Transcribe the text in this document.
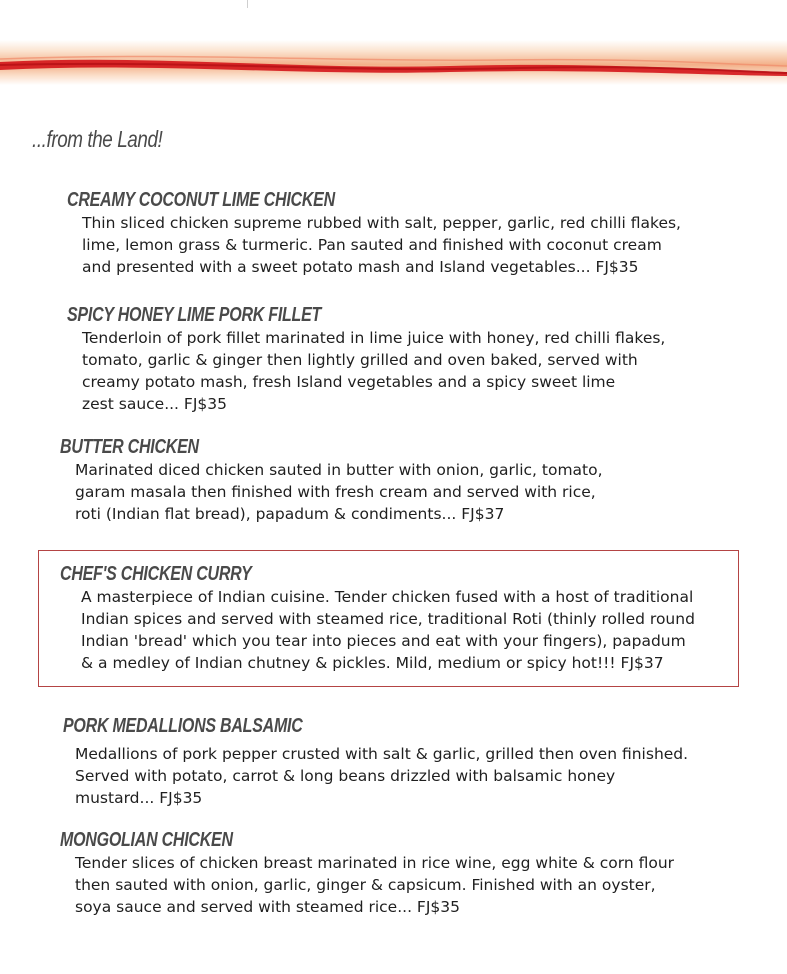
...from the Land!
CREAMY COCONUT LIME CHICKEN

Thin sliced chicken supreme rubbed with salt, pepper, garlic, red chilli flakes,

lime, lemon grass & turmeric. Pan sauted and finished with coconut cream

and presented with a sweet potato mash and Island vegetables... FJ$35

SPICY HONEY LIME PORK FILLET

Tenderloin of pork fillet marinated in lime juice with honey, red chilli flakes,

tomato, garlic & ginger then lightly grilled and oven baked, served with

creamy potato mash, fresh Island vegetables and a spicy sweet lime

zest sauce... FJ$35

BUTTER CHICKEN

Marinated diced chicken sauted in butter with onion, garlic, tomato,

garam masala then finished with fresh cream and served with rice,

roti (Indian flat bread), papadum & condiments... FJ$37

CHEF'S CHICKEN CURRY

A masterpiece of Indian cuisine. Tender chicken fused with a host of traditional

Indian spices and served with steamed rice, traditional Roti (thinly rolled round

Indian 'bread' which you tear into pieces and eat with your fingers), papadum

& a medley of Indian chutney & pickles. Mild, medium or spicy hot!!! FJ$37

PORK MEDALLIONS BALSAMIC

Medallions of pork pepper crusted with salt & garlic, grilled then oven finished.

Served with potato, carrot & long beans drizzled with balsamic honey

mustard... FJ$35

MONGOLIAN CHICKEN

Tender slices of chicken breast marinated in rice wine, egg white & corn flour

then sauted with onion, garlic, ginger & capsicum. Finished with an oyster,

soya sauce and served with steamed rice... FJ$35
